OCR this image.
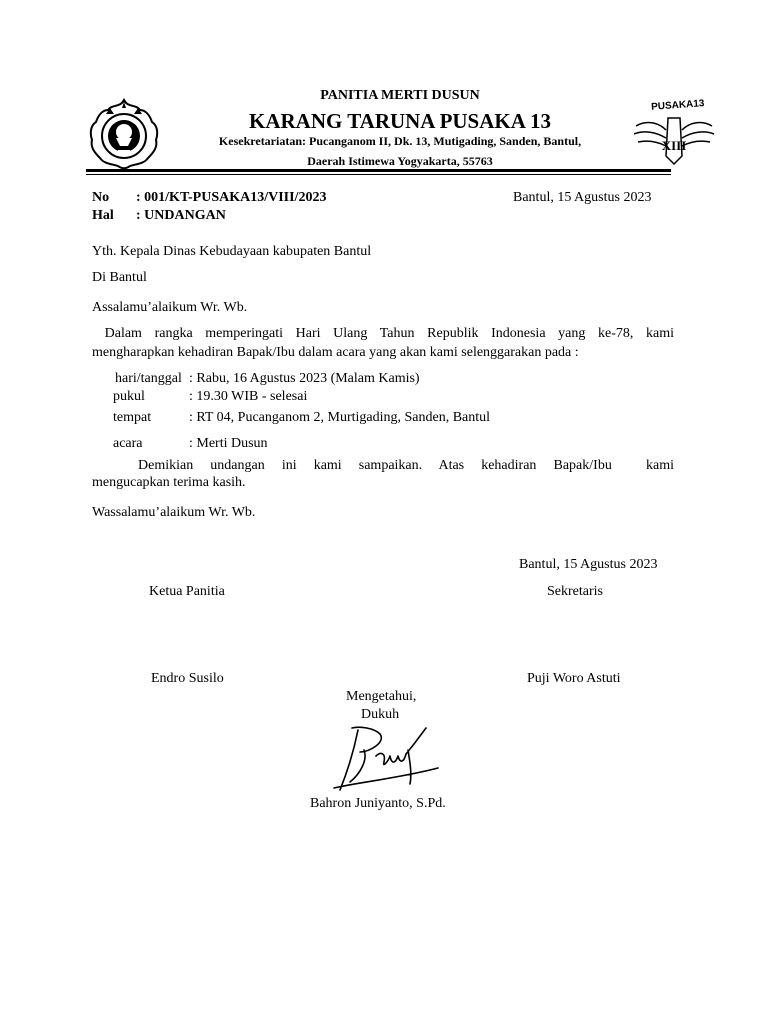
PUSAKA13
XIII
PANITIA MERTI DUSUN
KARANG TARUNA PUSAKA 13
Kesekretariatan: Pucanganom II, Dk. 13, Mutigading, Sanden, Bantul,
Daerah Istimewa Yogyakarta, 55763
No : 001/KT-PUSAKA13/VIII/2023	Bantul, 15 Agustus 2023
Hal : UNDANGAN
Yth. Kepala Dinas Kebudayaan kabupaten Bantul
Di Bantul
Assalamu’alaikum Wr. Wb.
Dalam rangka memperingati Hari Ulang Tahun Republik Indonesia yang ke-78, kami
mengharapkan kehadiran Bapak/Ibu dalam acara yang akan kami selenggarakan pada :
hari/tanggal : Rabu, 16 Agustus 2023 (Malam Kamis)
pukul	: 19.30 WIB - selesai
tempat	: RT 04, Pucanganom 2, Murtigading, Sanden, Bantul
acara	: Merti Dusun
Demikian undangan ini kami sampaikan. Atas kehadiran Bapak/Ibu  kami
mengucapkan terima kasih.
Wassalamu’alaikum Wr. Wb.
Bantul, 15 Agustus 2023
Ketua Panitia	Sekretaris
Endro Susilo	Puji Woro Astuti
Mengetahui,
Dukuh
Bahron Juniyanto, S.Pd.
